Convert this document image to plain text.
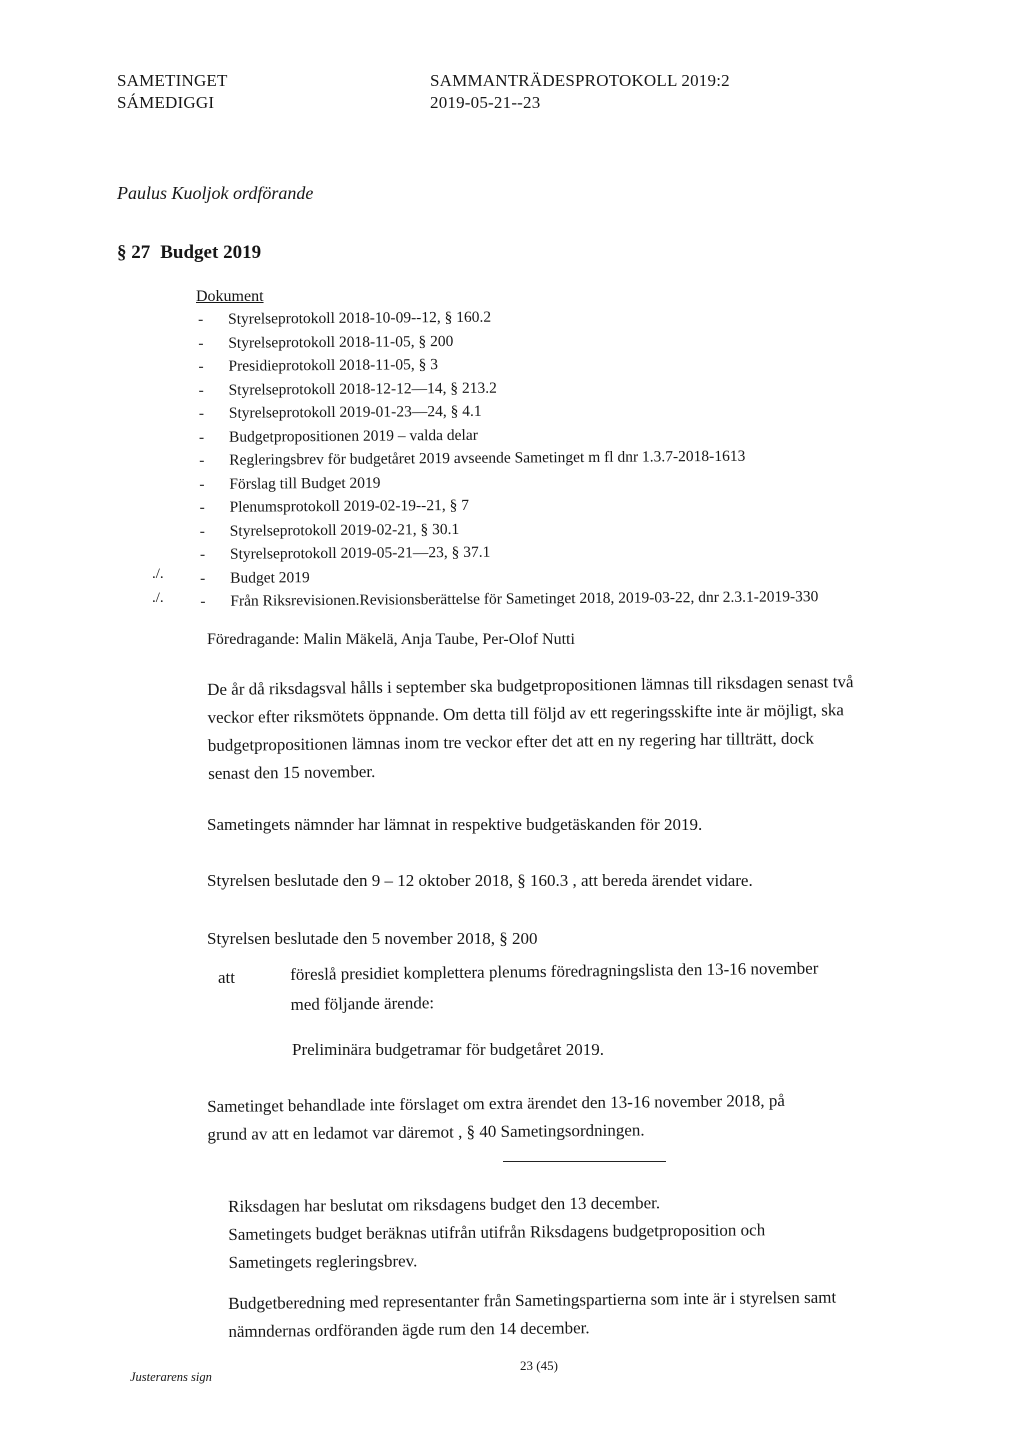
SAMETINGET
SÁMEDIGGI
SAMMANTRÄDESPROTOKOLL 2019:2
2019-05-21--23
Paulus Kuoljok ordförande
§ 27 Budget 2019
Dokument
- Styrelseprotokoll 2018-10-09--12, § 160.2
- Styrelseprotokoll 2018-11-05, § 200
- Presidieprotokoll 2018-11-05, § 3
- Styrelseprotokoll 2018-12-12—14, § 213.2
- Styrelseprotokoll 2019-01-23—24, § 4.1
- Budgetpropositionen 2019 – valda delar
- Regleringsbrev för budgetåret 2019 avseende Sametinget m fl dnr 1.3.7-2018-1613
- Förslag till Budget 2019
- Plenumsprotokoll 2019-02-19--21, § 7
- Styrelseprotokoll 2019-02-21, § 30.1
- Styrelseprotokoll 2019-05-21—23, § 37.1
- Budget 2019
- Från Riksrevisionen.Revisionsberättelse för Sametinget 2018, 2019-03-22, dnr 2.3.1-2019-330
./.
./.
Föredragande: Malin Mäkelä, Anja Taube, Per-Olof Nutti
De år då riksdagsval hålls i september ska budgetpropositionen lämnas till riksdagen senast två
veckor efter riksmötets öppnande. Om detta till följd av ett regeringsskifte inte är möjligt, ska
budgetpropositionen lämnas inom tre veckor efter det att en ny regering har tillträtt, dock
senast den 15 november.
Sametingets nämnder har lämnat in respektive budgetäskanden för 2019.
Styrelsen beslutade den 9 – 12 oktober 2018, § 160.3 , att bereda ärendet vidare.
Styrelsen beslutade den 5 november 2018, § 200
att	föreslå presidiet komplettera plenums föredragningslista den 13-16 november
med följande ärende:
Preliminära budgetramar för budgetåret 2019.
Sametinget behandlade inte förslaget om extra ärendet den 13-16 november 2018, på
grund av att en ledamot var däremot , § 40 Sametingsordningen.
Riksdagen har beslutat om riksdagens budget den 13 december.
Sametingets budget beräknas utifrån utifrån Riksdagens budgetproposition och
Sametingets regleringsbrev.
Budgetberedning med representanter från Sametingspartierna som inte är i styrelsen samt
nämndernas ordföranden ägde rum den 14 december.
Justerarens sign
23 (45)
